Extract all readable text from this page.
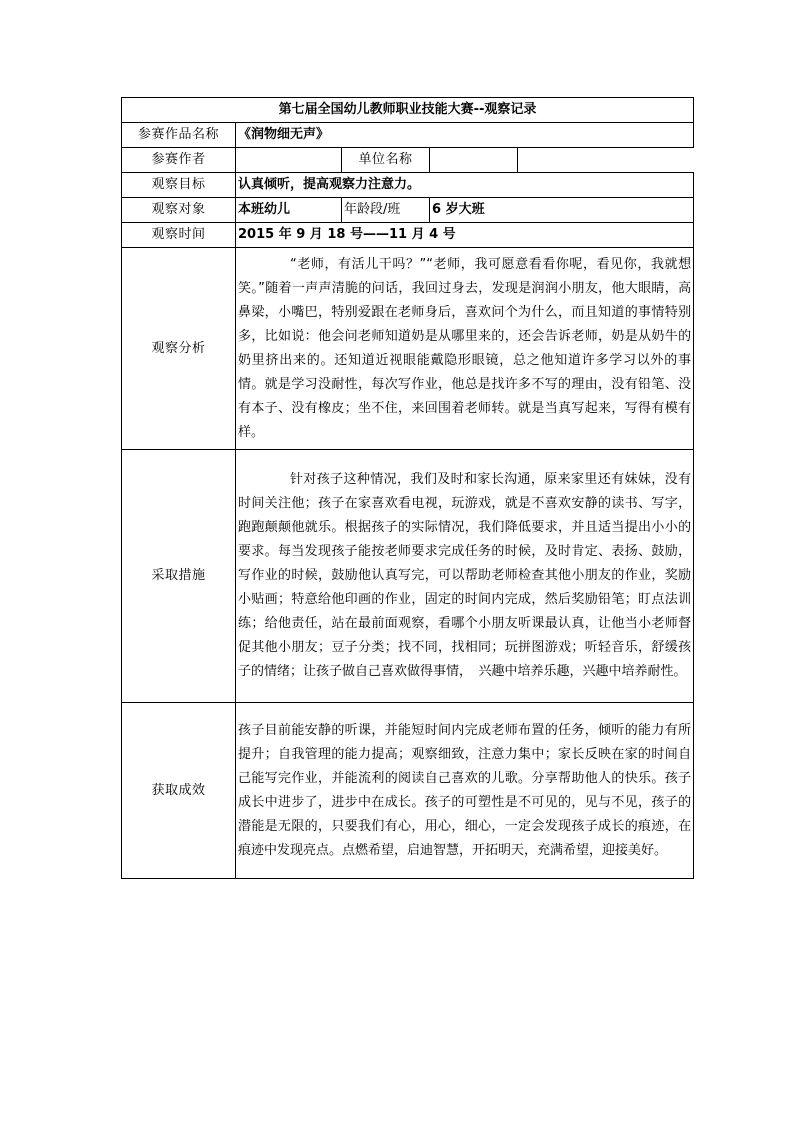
第七届全国幼儿教师职业技能大赛--观察记录				
参赛作品名称	《润物细无声》			
参赛作者		单位名称		
观察目标	认真倾听，提高观察力注意力。			
观察对象	本班幼儿	年龄段/班	6 岁大班	
观察时间	2015 年 9 月 18 号——11 月 4 号			
观察分析	“老师，有活儿干吗？”“老师，我可愿意看看你呢，看见你，我就想笑。”随着一声声清脆的问话，我回过身去，发现是润润小朋友，他大眼睛，高鼻梁，小嘴巴，特别爱跟在老师身后，喜欢问个为什么，而且知道的事情特别多，比如说：他会问老师知道奶是从哪里来的，还会告诉老师，奶是从奶牛的奶里挤出来的。还知道近视眼能戴隐形眼镜，总之他知道许多学习以外的事情。就是学习没耐性，每次写作业，他总是找许多不写的理由，没有铅笔、没有本子、没有橡皮；坐不住，来回围着老师转。就是当真写起来，写得有模有样。			

采取措施	针对孩子这种情况，我们及时和家长沟通，原来家里还有妹妹，没有时间关注他；孩子在家喜欢看电视，玩游戏，就是不喜欢安静的读书、写字，跑跑颠颠他就乐。根据孩子的实际情况，我们降低要求，并且适当提出小小的要求。每当发现孩子能按老师要求完成任务的时候，及时肯定、表扬、鼓励，写作业的时候，鼓励他认真写完，可以帮助老师检查其他小朋友的作业，奖励小贴画；特意给他印画的作业，固定的时间内完成，然后奖励铅笔；盯点法训练；给他责任，站在最前面观察，看哪个小朋友听课最认真，让他当小老师督促其他小朋友；豆子分类；找不同，找相同；玩拼图游戏；听轻音乐，舒缓孩子的情绪；让孩子做自己喜欢做得事情，　兴趣中培养乐趣，兴趣中培养耐性。			

获取成效	孩子目前能安静的听课，并能短时间内完成老师布置的任务，倾听的能力有所提升；自我管理的能力提高；观察细致，注意力集中；家长反映在家的时间自己能写完作业，并能流利的阅读自己喜欢的儿歌。分享帮助他人的快乐。孩子成长中进步了，进步中在成长。孩子的可塑性是不可见的，见与不见，孩子的潜能是无限的，只要我们有心，用心，细心，一定会发现孩子成长的痕迹，在痕迹中发现亮点。点燃希望，启迪智慧，开拓明天，充满希望，迎接美好。			
